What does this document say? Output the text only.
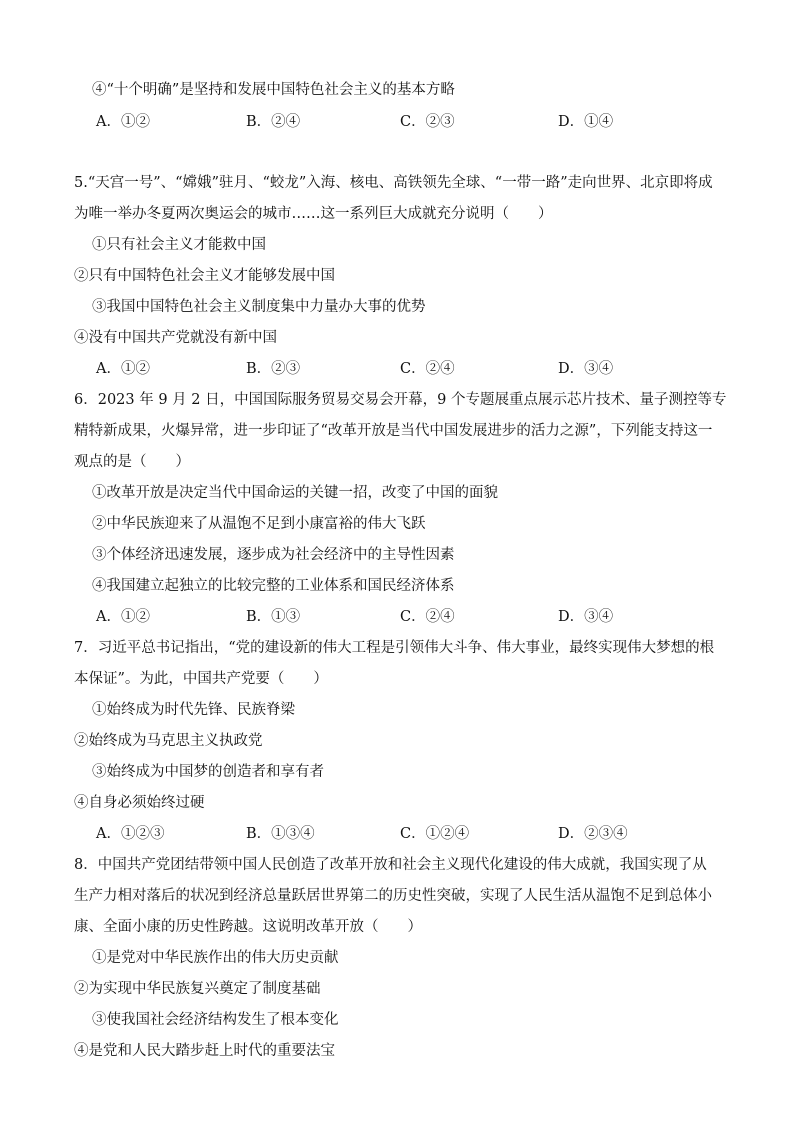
④“十个明确”是坚持和发展中国特色社会主义的基本方略
A．①②	B．②④	C．②③	D．①④
5.“天宫一号”、“嫦娥”驻月、“蛟龙”入海、核电、高铁领先全球、“一带一路”走向世界、北京即将成
为唯一举办冬夏两次奥运会的城市……这一系列巨大成就充分说明（　　）
①只有社会主义才能救中国
②只有中国特色社会主义才能够发展中国
③我国中国特色社会主义制度集中力量办大事的优势
④没有中国共产党就没有新中国
A．①②	B．②③	C．②④	D．③④
6．2023 年 9 月 2 日，中国国际服务贸易交易会开幕，9 个专题展重点展示芯片技术、量子测控等专
精特新成果，火爆异常，进一步印证了“改革开放是当代中国发展进步的活力之源”，下列能支持这一
观点的是（　　）
①改革开放是决定当代中国命运的关键一招，改变了中国的面貌
②中华民族迎来了从温饱不足到小康富裕的伟大飞跃
③个体经济迅速发展，逐步成为社会经济中的主导性因素
④我国建立起独立的比较完整的工业体系和国民经济体系
A．①②	B．①③	C．②④	D．③④
7．习近平总书记指出，“党的建设新的伟大工程是引领伟大斗争、伟大事业，最终实现伟大梦想的根
本保证”。为此，中国共产党要（　　）
①始终成为时代先锋、民族脊梁
②始终成为马克思主义执政党
③始终成为中国梦的创造者和享有者
④自身必须始终过硬
A．①②③	B．①③④	C．①②④	D．②③④
8．中国共产党团结带领中国人民创造了改革开放和社会主义现代化建设的伟大成就，我国实现了从
生产力相对落后的状况到经济总量跃居世界第二的历史性突破，实现了人民生活从温饱不足到总体小
康、全面小康的历史性跨越。这说明改革开放（　　）
①是党对中华民族作出的伟大历史贡献
②为实现中华民族复兴奠定了制度基础
③使我国社会经济结构发生了根本变化
④是党和人民大踏步赶上时代的重要法宝
